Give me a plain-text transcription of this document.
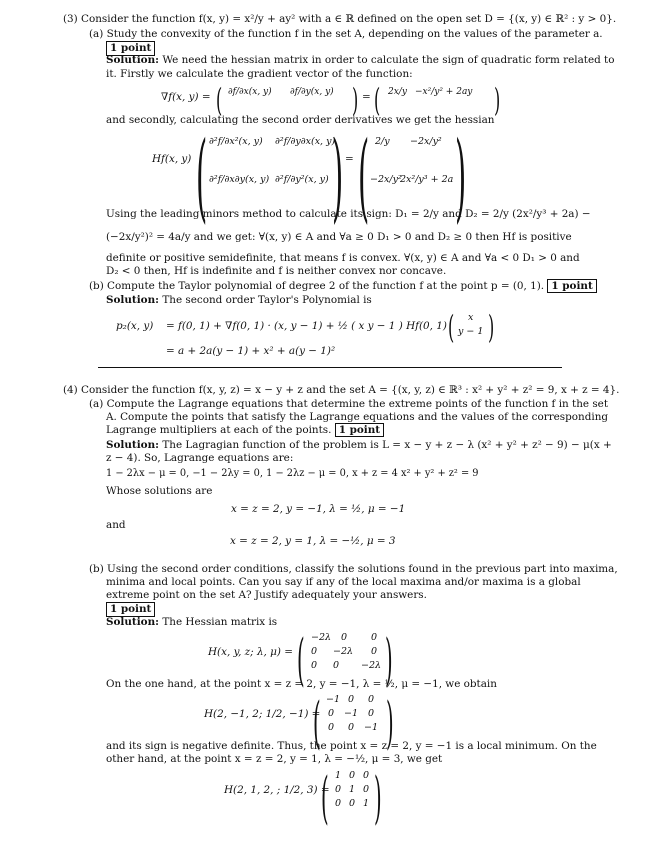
(3) Consider the function f(x, y) = x²/y + ay² with a ∈ ℝ defined on the open set D = {(x, y) ∈ ℝ² : y > 0}.
(a) Study the convexity of the function f in the set A, depending on the values of the parameter a.
1 point
Solution: We need the hessian matrix in order to calculate the sign of quadratic form related to
it. Firstly we calculate the gradient vector of the function:
∇f(x, y) = ( ∂f/∂x(x, y) ∂f/∂y(x, y) ) = ( 2x/y −x²/y² + 2ay )
and secondly, calculating the second order derivatives we get the hessian
Hf(x, y) ( ∂²f/∂x²(x, y) ∂²f/∂y∂x(x, y)
∂²f/∂x∂y(x, y) ∂²f/∂y²(x, y) ) = ( 2/y −2x/y²
−2x/y²
2x²/y³ + 2a )
Using the leading minors method to calculate its sign: D₁ = 2/y and D₂ = 2/y (2x²/y³ + 2a) −
(−2x/y²)² = 4a/y and we get: ∀(x, y) ∈ A and ∀a ≥ 0 D₁ > 0 and D₂ ≥ 0 then Hf is positive
definite or positive semidefinite, that means f is convex. ∀(x, y) ∈ A and ∀a < 0 D₁ > 0 and
D₂ < 0 then, Hf is indefinite and f is neither convex nor concave.
(b) Compute the Taylor polynomial of degree 2 of the function f at the point p = (0, 1). 1 point
Solution: The second order Taylor's Polynomial is
p₂(x, y) = f(0, 1) + ∇f(0, 1) · (x, y − 1) + ½ ( x y − 1 ) Hf(0, 1) ( x
y − 1 )
= a + 2a(y − 1) + x² + a(y − 1)²
(4) Consider the function f(x, y, z) = x − y + z and the set A = {(x, y, z) ∈ ℝ³ : x² + y² + z² = 9, x + z = 4}.
(a) Compute the Lagrange equations that determine the extreme points of the function f in the set
A. Compute the points that satisfy the Lagrange equations and the values of the corresponding
Lagrange multipliers at each of the points. 1 point
Solution: The Lagragian function of the problem is L = x − y + z − λ (x² + y² + z² − 9) − μ(x +
z − 4). So, Lagrange equations are:
1 − 2λx − μ = 0, −1 − 2λy = 0, 1 − 2λz − μ = 0, x + z = 4 x² + y² + z² = 9
Whose solutions are
x = z = 2, y = −1, λ = ½, μ = −1
and
x = z = 2, y = 1, λ = −½, μ = 3
(b) Using the second order conditions, classify the solutions found in the previous part into maxima,
minima and local points. Can you say if any of the local maxima and/or maxima is a global
extreme point on the set A? Justify adequately your answers.
1 point
Solution: The Hessian matrix is
H(x, y, z; λ, μ) = ( −2λ 0	0
0 −2λ 0
0 0 −2λ )
On the one hand, at the point x = z = 2, y = −1, λ = ½, μ = −1, we obtain
H(2, −1, 2; 1/2, −1) =
( −1 0 0
0 −1 0
0 0 −1 )
and its sign is negative definite. Thus, the point x = z = 2, y = −1 is a local minimum. On the
other hand, at the point x = z = 2, y = 1, λ = −½, μ = 3, we get
H(2, 1, 2, ; 1/2, 3) =
( 1 0 0
0 1 0
0 0 1 )
